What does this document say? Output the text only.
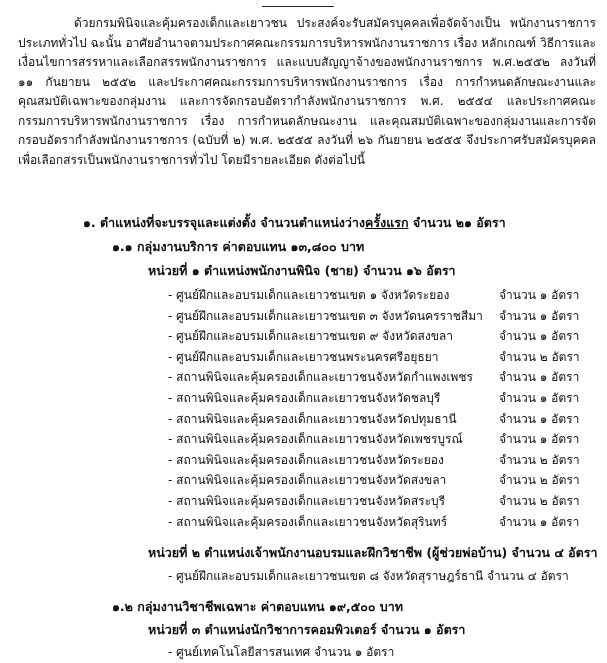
ด้วยกรมพินิจและคุ้มครองเด็กและเยาวชน ประสงค์จะรับสมัครบุคคลเพื่อจัดจ้างเป็น พนักงานราชการประเภททั่วไป ฉะนั้น อาศัยอำนาจตามประกาศคณะกรรมการบริหารพนักงานราชการ เรื่อง หลักเกณฑ์ วิธีการและเงื่อนไขการสรรหาและเลือกสรรพนักงานราชการ และแบบสัญญาจ้างของพนักงานราชการ พ.ศ.๒๕๕๒ ลงวันที่ ๑๑ กันยายน ๒๕๕๒ และประกาศคณะกรรมการบริหารพนักงานราชการ เรื่อง การกำหนดลักษณะงานและคุณสมบัติเฉพาะของกลุ่มงาน และการจัดกรอบอัตรากำลังพนักงานราชการ พ.ศ. ๒๕๕๔ และประกาศคณะกรรมการบริหารพนักงานราชการ เรื่อง การกำหนดลักษณะงาน และคุณสมบัติเฉพาะของกลุ่มงานและการจัดกรอบอัตรากำลังพนักงานราชการ (ฉบับที่ ๒) พ.ศ. ๒๕๕๕ ลงวันที่ ๒๖ กันยายน ๒๕๕๕ จึงประกาศรับสมัครบุคคลเพื่อเลือกสรรเป็นพนักงานราชการทั่วไป โดยมีรายละเอียด ดังต่อไปนี้

๑. ตำแหน่งที่จะบรรจุและแต่งตั้ง จำนวนตำแหน่งว่างครั้งแรก จำนวน ๒๑ อัตรา
๑.๑ กลุ่มงานบริการ ค่าตอบแทน ๑๓,๘๐๐ บาท
หน่วยที่ ๑ ตำแหน่งพนักงานพินิจ (ชาย) จำนวน ๑๖ อัตรา
- ศูนย์ฝึกและอบรมเด็กและเยาวชนเขต ๑ จังหวัดระยอง	จำนวน ๑ อัตรา
- ศูนย์ฝึกและอบรมเด็กและเยาวชนเขต ๓ จังหวัดนครราชสีมา จำนวน ๑ อัตรา
- ศูนย์ฝึกและอบรมเด็กและเยาวชนเขต ๙ จังหวัดสงขลา	จำนวน ๑ อัตรา
- ศูนย์ฝึกและอบรมเด็กและเยาวชนพระนครศรีอยุธยา	จำนวน ๒ อัตรา
- สถานพินิจและคุ้มครองเด็กและเยาวชนจังหวัดกำแพงเพชร จำนวน ๑ อัตรา
- สถานพินิจและคุ้มครองเด็กและเยาวชนจังหวัดชลบุรี	จำนวน ๑ อัตรา
- สถานพินิจและคุ้มครองเด็กและเยาวชนจังหวัดปทุมธานี	จำนวน ๑ อัตรา
- สถานพินิจและคุ้มครองเด็กและเยาวชนจังหวัดเพชรบูรณ์	จำนวน ๑ อัตรา
- สถานพินิจและคุ้มครองเด็กและเยาวชนจังหวัดระยอง	จำนวน ๒ อัตรา
- สถานพินิจและคุ้มครองเด็กและเยาวชนจังหวัดสงขลา	จำนวน ๒ อัตรา
- สถานพินิจและคุ้มครองเด็กและเยาวชนจังหวัดสระบุรี	จำนวน ๒ อัตรา
- สถานพินิจและคุ้มครองเด็กและเยาวชนจังหวัดสุรินทร์	จำนวน ๑ อัตรา
หน่วยที่ ๒ ตำแหน่งเจ้าพนักงานอบรมและฝึกวิชาชีพ (ผู้ช่วยพ่อบ้าน) จำนวน ๔ อัตรา
- ศูนย์ฝึกและอบรมเด็กและเยาวชนเขต ๘ จังหวัดสุราษฎร์ธานี จำนวน ๔ อัตรา
๑.๒ กลุ่มงานวิชาชีพเฉพาะ ค่าตอบแทน ๑๙,๕๐๐ บาท
หน่วยที่ ๓ ตำแหน่งนักวิชาการคอมพิวเตอร์ จำนวน ๑ อัตรา
- ศูนย์เทคโนโลยีสารสนเทศ จำนวน ๑ อัตรา
